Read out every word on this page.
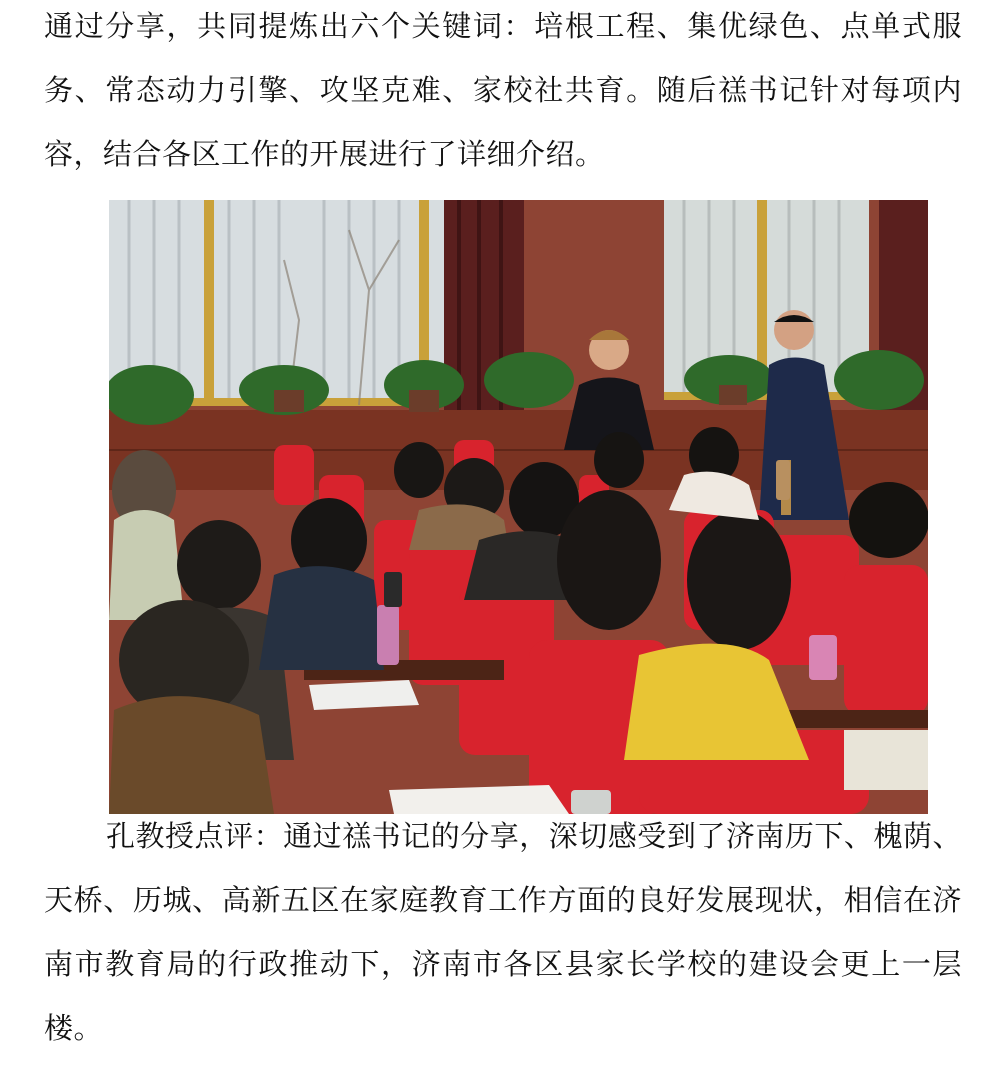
通过分享，共同提炼出六个关键词：培根工程、集优绿色、点单式服务、常态动力引擎、攻坚克难、家校社共育。随后禚书记针对每项内容，结合各区工作的开展进行了详细介绍。

孔教授点评：通过禚书记的分享，深切感受到了济南历下、槐荫、天桥、历城、高新五区在家庭教育工作方面的良好发展现状，相信在济南市教育局的行政推动下，济南市各区县家长学校的建设会更上一层楼。
